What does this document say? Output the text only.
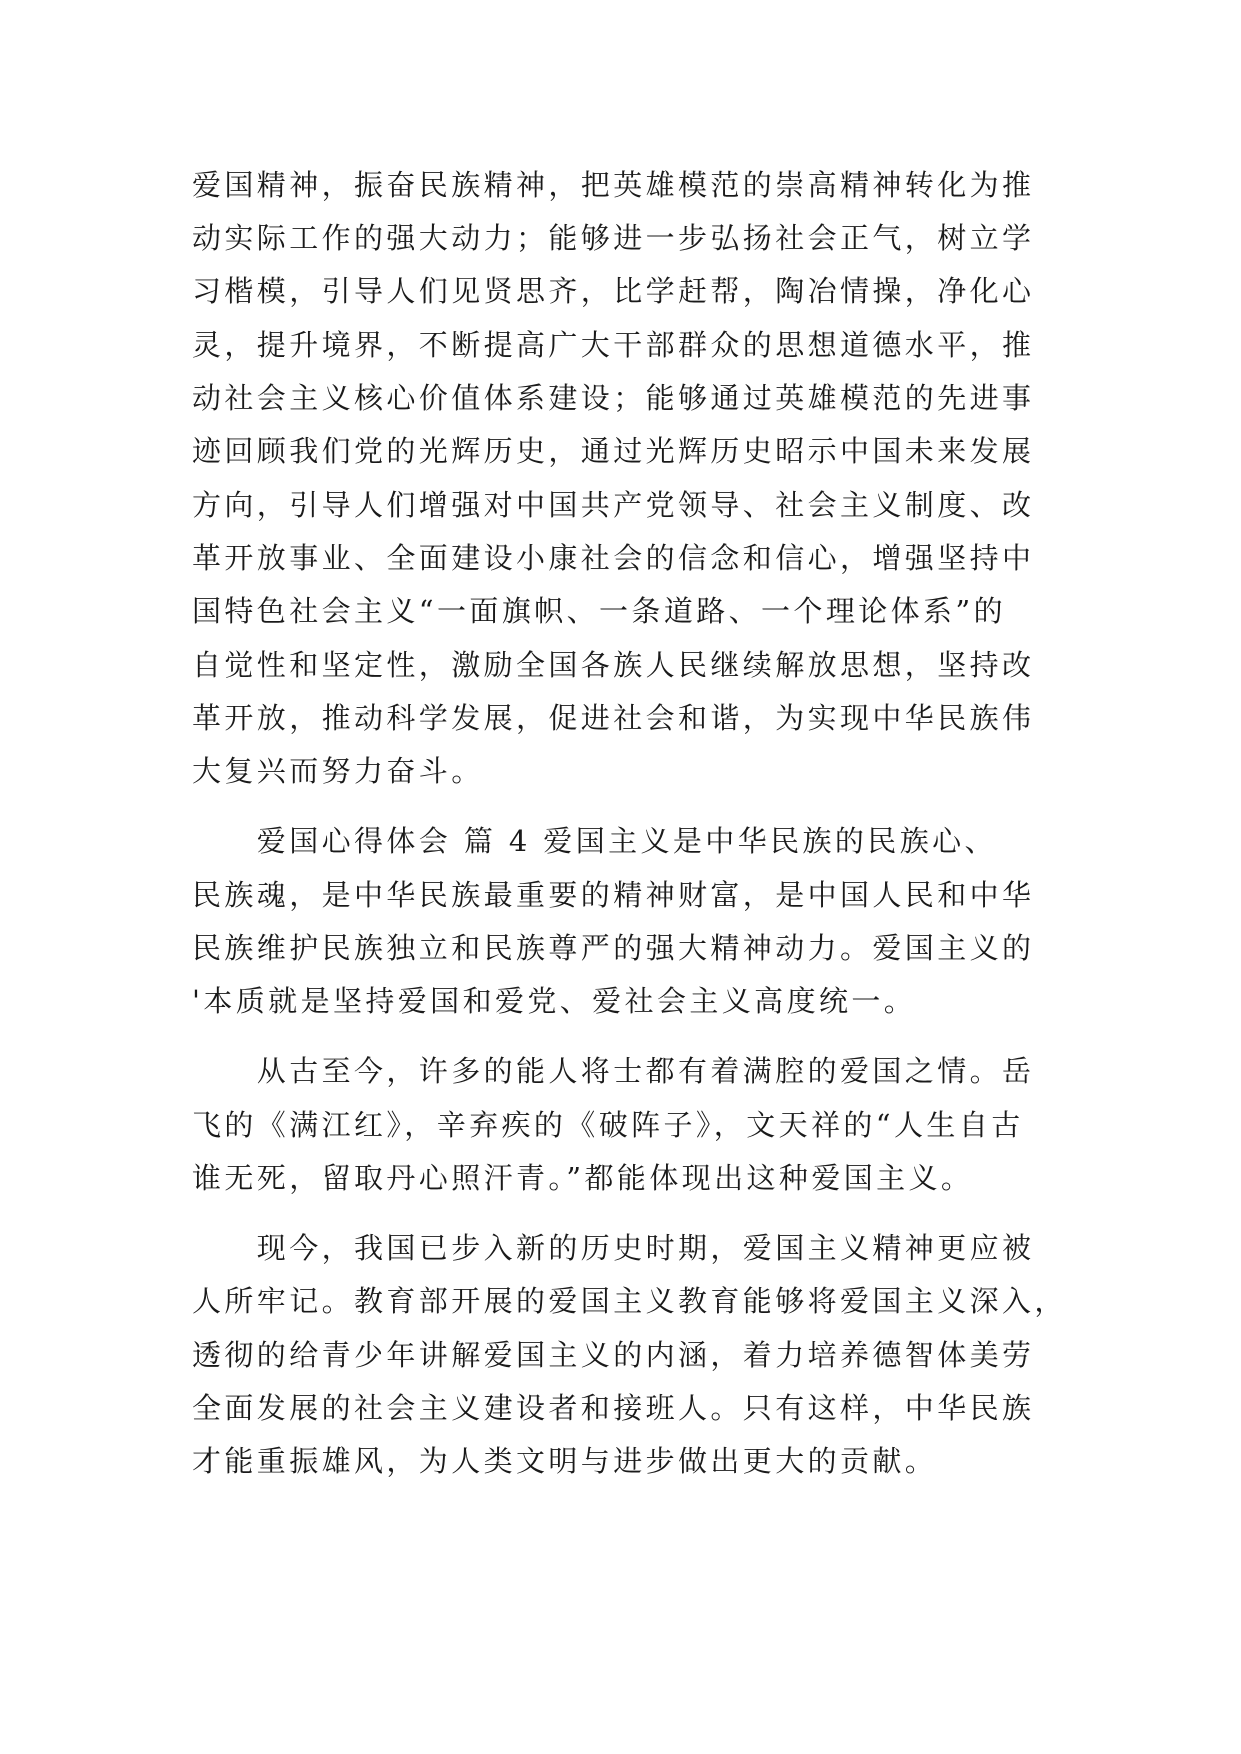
爱国精神，振奋民族精神，把英雄模范的崇高精神转化为推
动实际工作的强大动力；能够进一步弘扬社会正气，树立学
习楷模，引导人们见贤思齐，比学赶帮，陶冶情操，净化心
灵，提升境界，不断提高广大干部群众的思想道德水平，推
动社会主义核心价值体系建设；能够通过英雄模范的先进事
迹回顾我们党的光辉历史，通过光辉历史昭示中国未来发展
方向，引导人们增强对中国共产党领导、社会主义制度、改
革开放事业、全面建设小康社会的信念和信心，增强坚持中
国特色社会主义“一面旗帜、一条道路、一个理论体系”的
自觉性和坚定性，激励全国各族人民继续解放思想，坚持改
革开放，推动科学发展，促进社会和谐，为实现中华民族伟
大复兴而努力奋斗。
　　爱国心得体会 篇 4 爱国主义是中华民族的民族心、
民族魂，是中华民族最重要的精神财富，是中国人民和中华
民族维护民族独立和民族尊严的强大精神动力。爱国主义的
'本质就是坚持爱国和爱党、爱社会主义高度统一。
　　从古至今，许多的能人将士都有着满腔的爱国之情。岳
飞的《满江红》，辛弃疾的《破阵子》，文天祥的“人生自古
谁无死，留取丹心照汗青。”都能体现出这种爱国主义。
　　现今，我国已步入新的历史时期，爱国主义精神更应被
人所牢记。教育部开展的爱国主义教育能够将爱国主义深入，
透彻的给青少年讲解爱国主义的内涵，着力培养德智体美劳
全面发展的社会主义建设者和接班人。只有这样，中华民族
才能重振雄风，为人类文明与进步做出更大的贡献。
